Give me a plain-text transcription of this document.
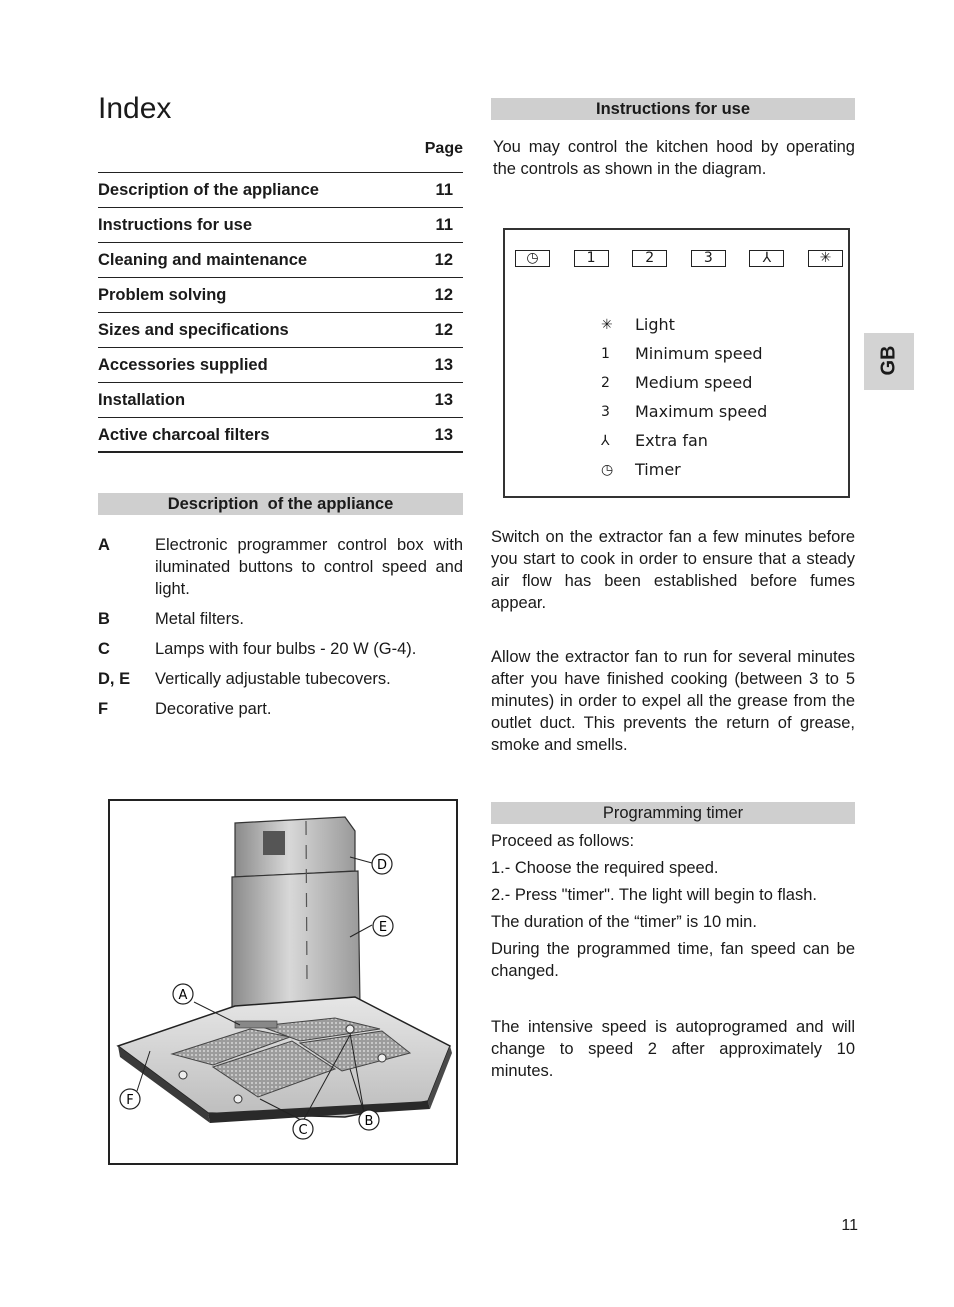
Index
Page
Description of the appliance	11
Instructions for use	11
Cleaning and maintenance	12
Problem solving	12
Sizes and specifications	12
Accessories supplied	13
Installation	13
Active charcoal filters	13
Description  of the appliance
A	Electronic programmer control box with iluminated buttons to control speed and light.
B	Metal filters.
C	Lamps with four bulbs - 20 W (G-4).
D, E	Vertically adjustable tubecovers.
F	Decorative part.
D
E
A
F
C
B
Instructions for use
You may control the kitchen hood by operating the controls as shown in the diagram.
◷	1	2	3	⅄	✳
✳	Light
1	Minimum speed
2	Medium speed
3	Maximum speed
⅄	Extra fan
◷	Timer
Switch on the extractor fan a few minutes before you start to cook in order to ensure that a steady air flow has been established before fumes appear.
Allow the extractor fan to run for several minutes after you have finished cooking (between 3 to 5 minutes) in order to expel all the grease from the outlet duct. This prevents the return of grease, smoke and smells.
Programming timer

Proceed as follows:

1.- Choose the required speed.

2.- Press "timer". The light will begin to flash.

The duration of the “timer” is 10 min.

During the programmed time, fan speed can be changed.

The intensive speed is autoprogramed and will change to speed 2 after approximately 10 minutes.
GB
11
